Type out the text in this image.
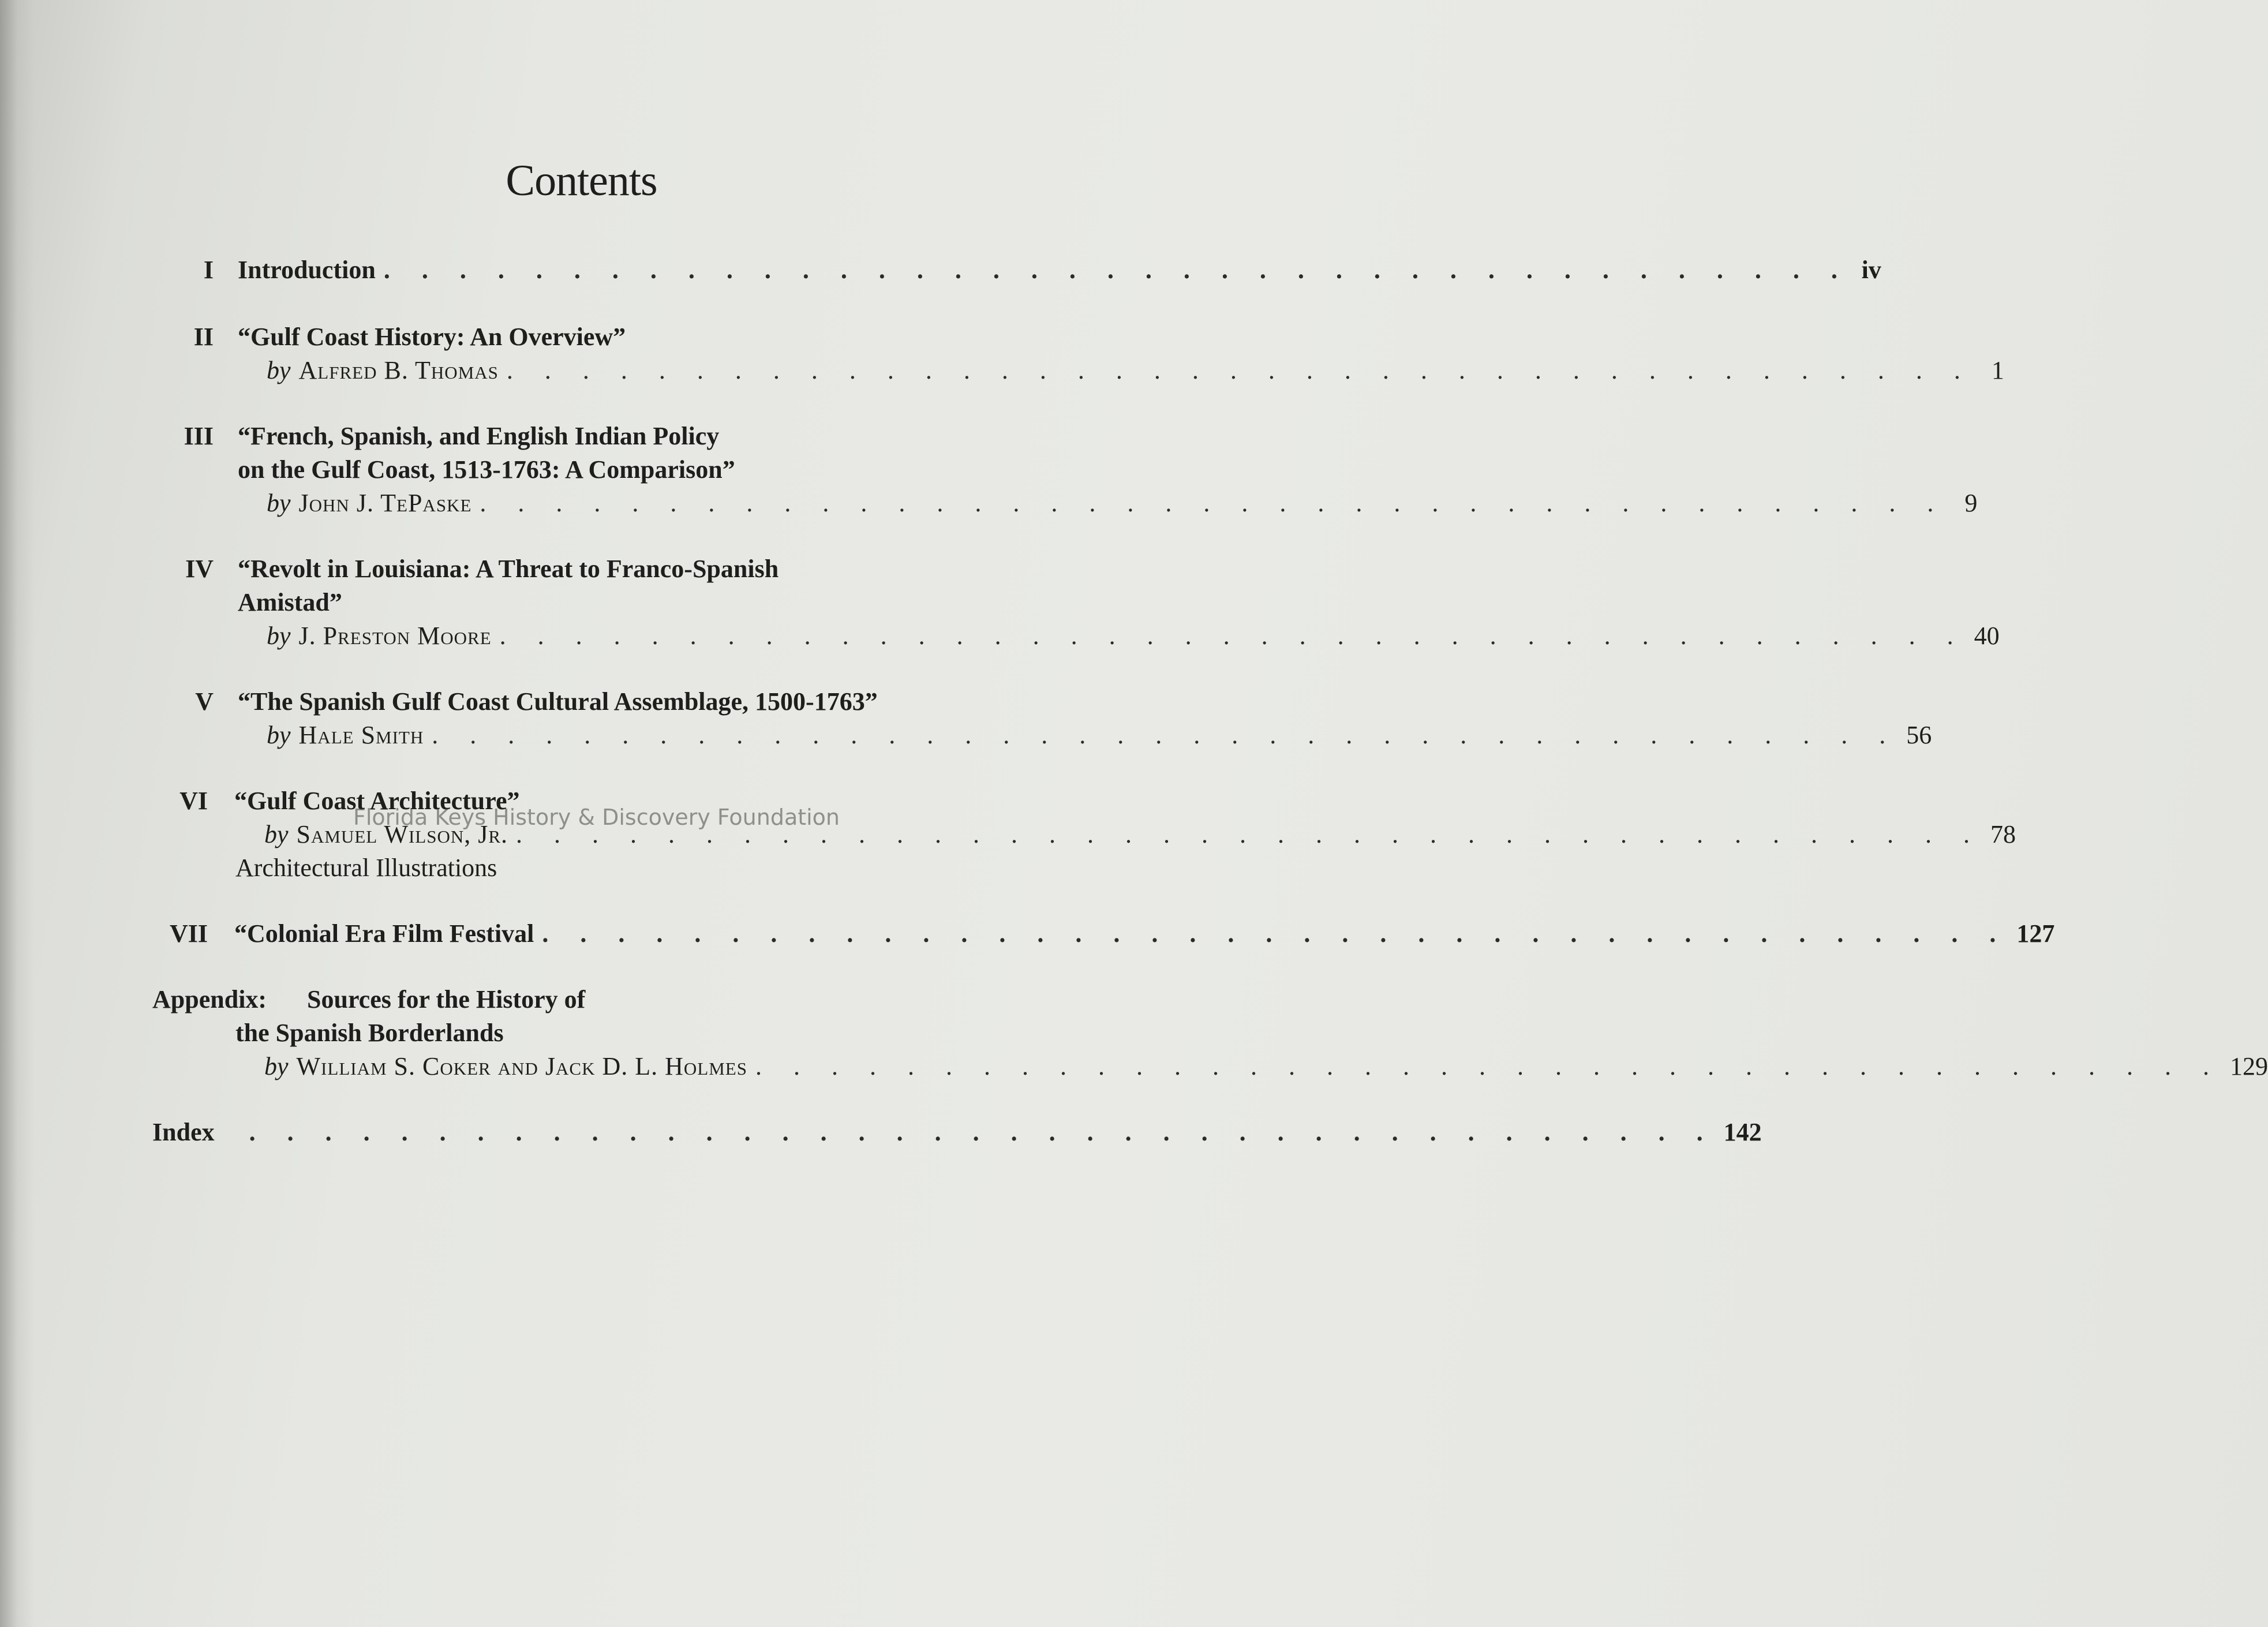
Contents
I Introduction . . . . . . . . . . . . . . . . . . . . . . . . . . . . . . . . . . . . . . . iv
II “Gulf Coast History: An Overview”
by Alfred B. Thomas . . . . . . . . . . . . . . . . . . . . . . . . . . . . . . . . . . . . . . . 1
III “French, Spanish, and English Indian Policy
on the Gulf Coast, 1513-1763: A Comparison”
by John J. TePaske . . . . . . . . . . . . . . . . . . . . . . . . . . . . . . . . . . . . . . . 9
IV “Revolt in Louisiana: A Threat to Franco-Spanish
Amistad”
by J. Preston Moore . . . . . . . . . . . . . . . . . . . . . . . . . . . . . . . . . . . . . . . 40
V “The Spanish Gulf Coast Cultural Assemblage, 1500-1763”
by Hale Smith . . . . . . . . . . . . . . . . . . . . . . . . . . . . . . . . . . . . . . . 56
VI “Gulf Coast Architecture”
by Samuel Wilson, Jr. . . . . . . . . . . . . . . . . . . . . . . . . . . . . . . . . . . . . . . . 78
Architectural Illustrations
VII “Colonial Era Film Festival . . . . . . . . . . . . . . . . . . . . . . . . . . . . . . . . . . . . . . . 127
Appendix: Sources for the History of
the Spanish Borderlands
by William S. Coker and Jack D. L. Holmes . . . . . . . . . . . . . . . . . . . . . . . . . . . . . . . . . . . . . . . 129
Index . . . . . . . . . . . . . . . . . . . . . . . . . . . . . . . . . . . . . . . 142
Florida Keys History & Discovery Foundation
